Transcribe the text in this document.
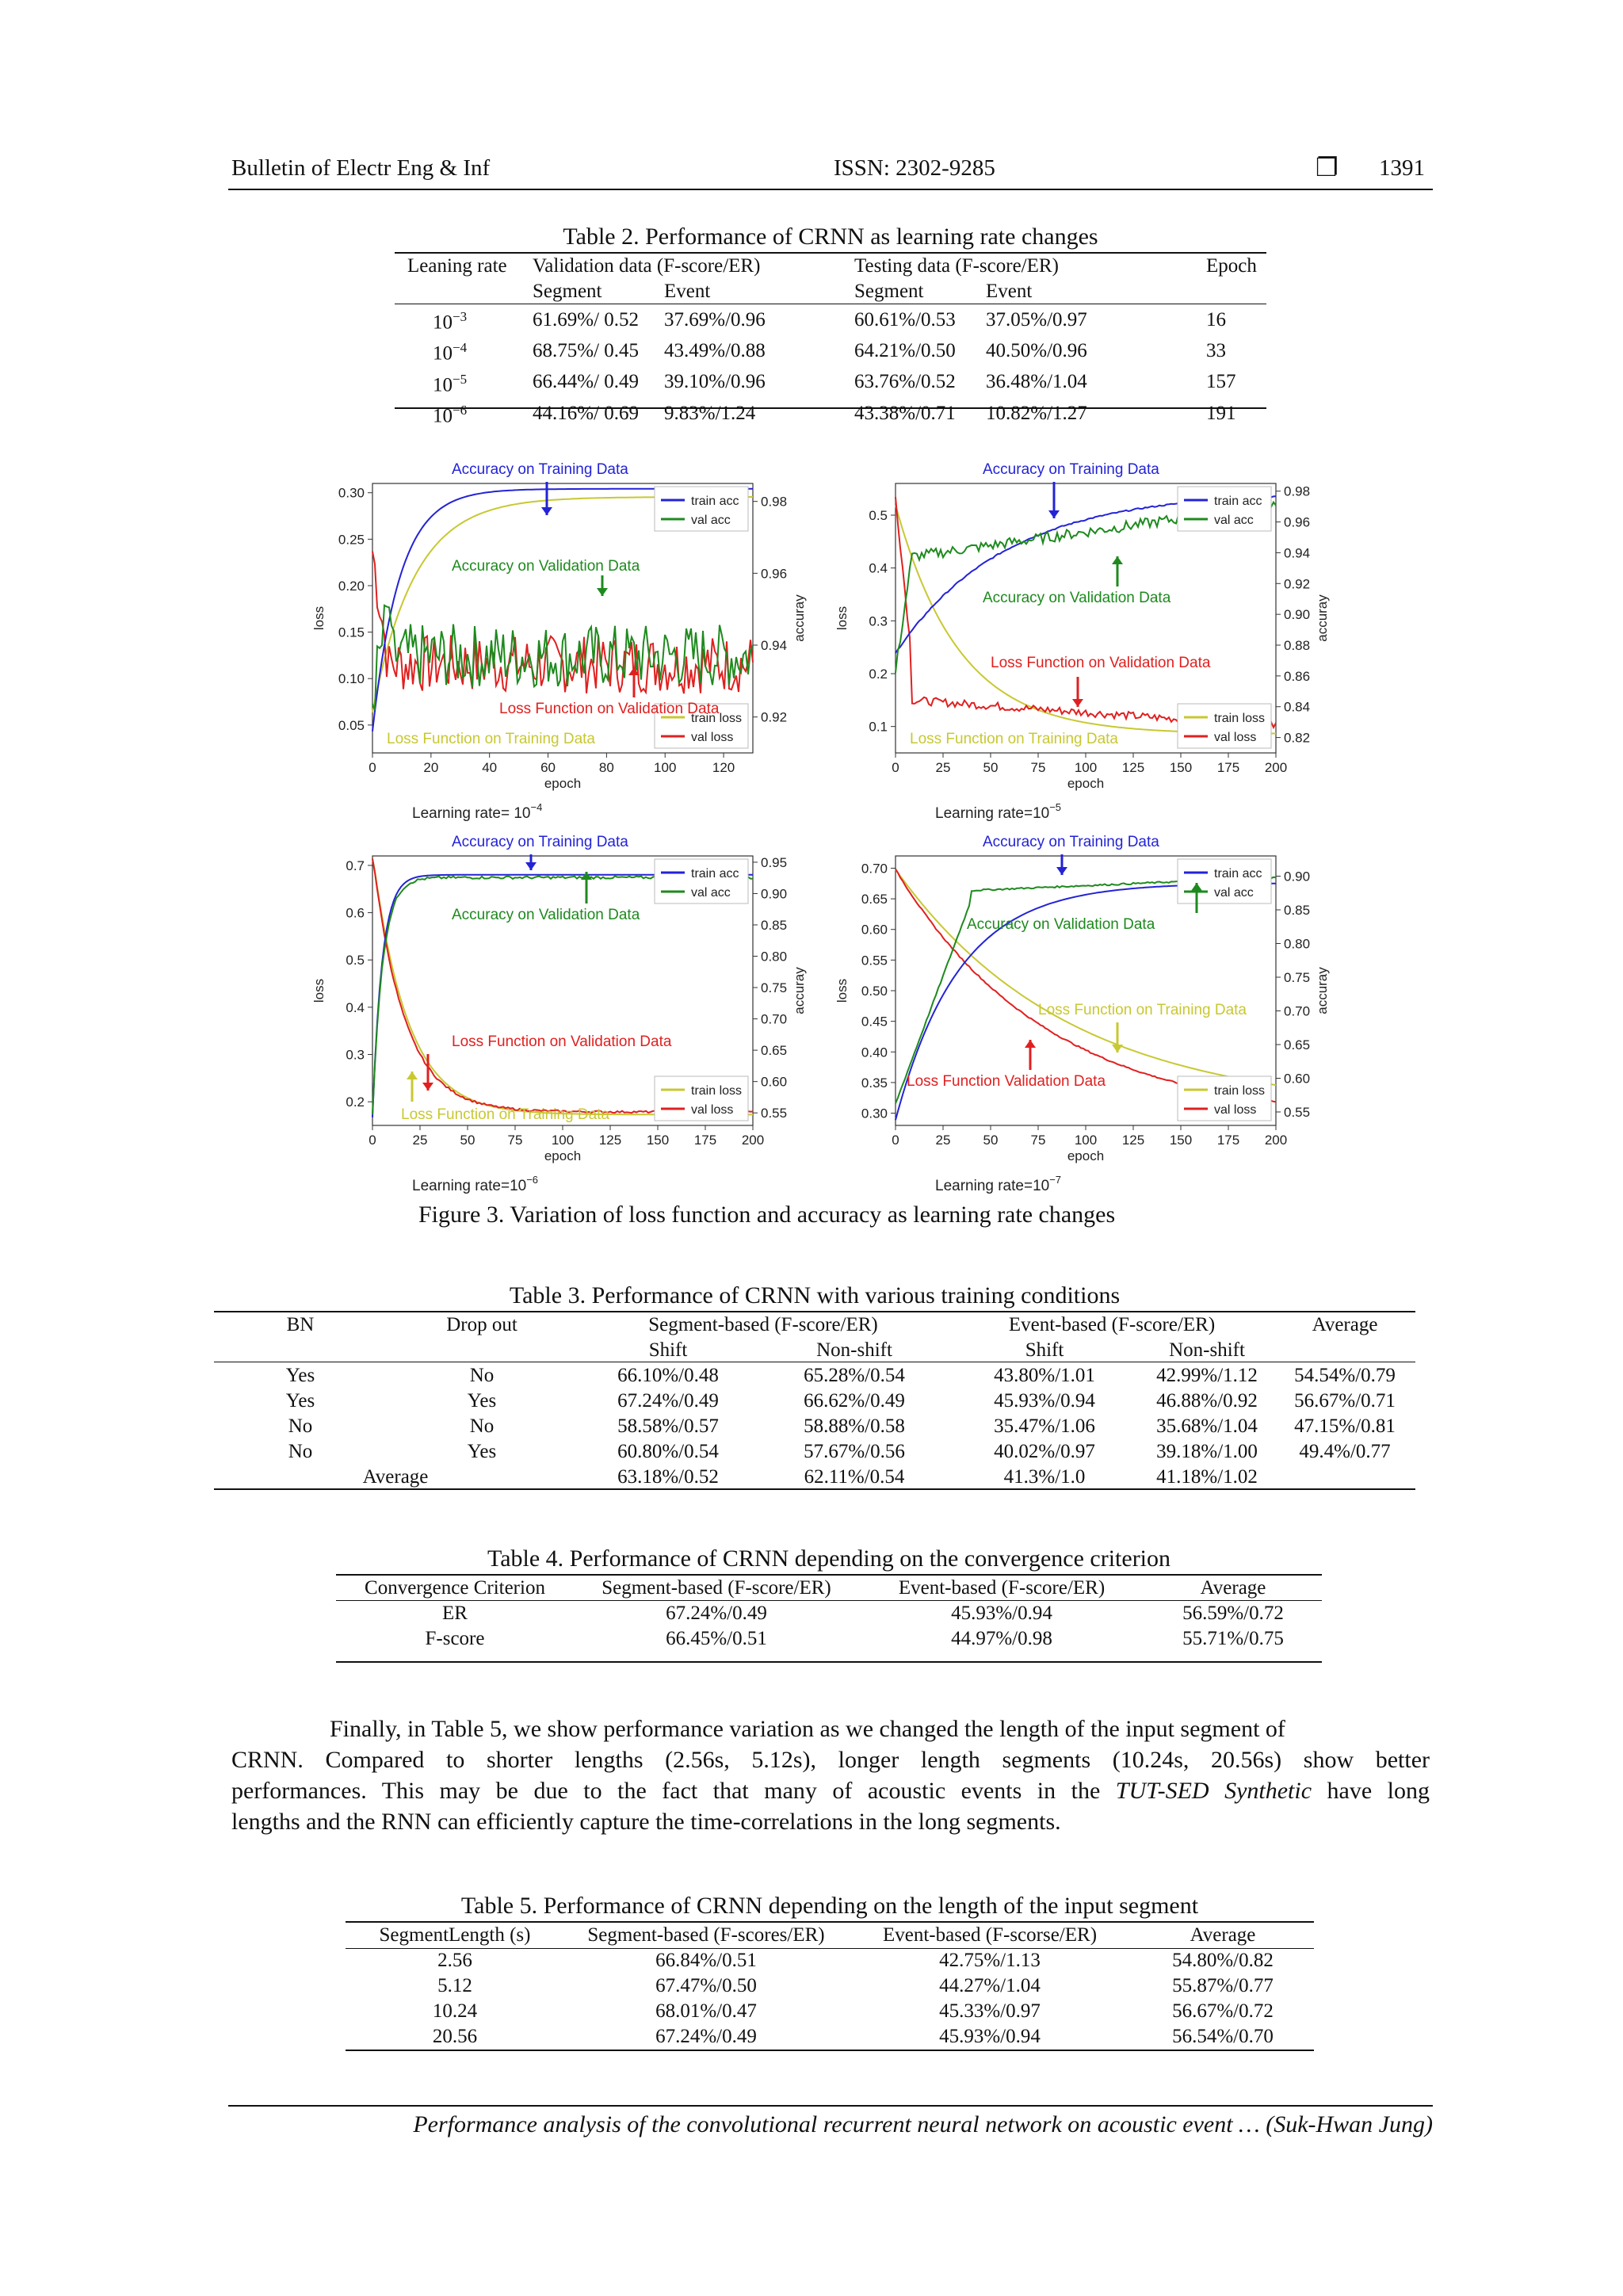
Bulletin of Electr Eng & Inf	ISSN: 2302-9285	❐ 1391
Table 2. Performance of CRNN as learning rate changes
Leaning rate	Validation data (F-score/ER)		Testing data (F-score/ER)		Epoch
	Segment	Event	Segment	Event	
$10^{-3}$	61.69%/ 0.52	37.69%/0.96	60.61%/0.53	37.05%/0.97	16
$10^{-4}$	68.75%/ 0.45	43.49%/0.88	64.21%/0.50	40.50%/0.96	33
$10^{-5}$	66.44%/ 0.49	39.10%/0.96	63.76%/0.52	36.48%/1.04	157
$10^{-6}$	44.16%/ 0.69	9.83%/1.24	43.38%/0.71	10.82%/1.27	191
0	20	40	60	80	100	120
0.30
0.25
0.20
0.15
0.10
0.05
0.98
0.96
0.94
0.92
loss	accuray
epoch
Learning rate= $10^{-4}$
train acc
val acc
train loss
val loss
Accuracy on Training Data
Accuracy on Validation Data
Loss Function on Validation Data
Loss Function on Training Data
0	25 50 75 100 125 150 175 200
0.5
0.4
0.3
0.2
0.1
0.98
0.96
0.94
0.92
0.90
0.88
0.86
0.84
0.82
loss	accuray
epoch
Learning $rate=10^{-5}$
train acc
val acc
train loss
val loss
Accuracy on Training Data
Accuracy on Validation Data
Loss Function on Validation Data
Loss Function on Training Data
0	25 50 75 100 125 150 175 200
0.7
0.6
0.5
0.4
0.3
0.2
0.95
0.90
0.85
0.80
0.75
0.70
0.65
0.60
0.55
loss	accuray
epoch
Learning $rate=10^{-6}$
train acc
val acc
train loss
val loss
Accuracy on Training Data
Accuracy on Validation Data
Loss Function on Validation Data
Loss Function on Training Data
0	25 50 75 100 125 150 175 200
0.70
0.65
0.60
0.55
0.50
0.45
0.40
0.35
0.30
0.90
0.85
0.80
0.75
0.70
0.65
0.60
0.55
loss	accuray
epoch
Learning $rate=10^{-7}$
train acc
val acc
train loss
val loss
Accuracy on Training Data
Accuracy on Validation Data
Loss Function on Training Data
Loss Function Validation Data
Figure 3. Variation of loss function and accuracy as learning rate changes
Table 3. Performance of CRNN with various training conditions
BN	Drop out	Segment-based (F-score/ER)		Event-based (F-score/ER)		Average
		Shift	Non-shift	Shift	Non-shift	
Yes	No	66.10%/0.48	65.28%/0.54	43.80%/1.01	42.99%/1.12	54.54%/0.79
Yes	Yes	67.24%/0.49	66.62%/0.49	45.93%/0.94	46.88%/0.92	56.67%/0.71
No	No	58.58%/0.57	58.88%/0.58	35.47%/1.06	35.68%/1.04	47.15%/0.81
No	Yes	60.80%/0.54	57.67%/0.56	40.02%/0.97	39.18%/1.00	49.4%/0.77
Average		63.18%/0.52	62.11%/0.54	41.3%/1.0	41.18%/1.02	
Table 4. Performance of CRNN depending on the convergence criterion
Convergence Criterion	Segment-based (F-score/ER)	Event-based (F-score/ER)	Average
ER	67.24%/0.49	45.93%/0.94	56.59%/0.72
F-score	66.45%/0.51	44.97%/0.98	55.71%/0.75
Finally, in Table 5, we show performance variation as we changed the length of the input segment of
CRNN. Compared to shorter lengths (2.56s, 5.12s), longer length segments (10.24s, 20.56s) show better
performances. This may be due to the fact that many of acoustic events in the TUT-SED Synthetic have long
lengths and the RNN can efficiently capture the time-correlations in the long segments.
Table 5. Performance of CRNN depending on the length of the input segment
SegmentLength (s)	Segment-based (F-scores/ER)	Event-based (F-scorse/ER)	Average
2.56	66.84%/0.51	42.75%/1.13	54.80%/0.82
5.12	67.47%/0.50	44.27%/1.04	55.87%/0.77
10.24	68.01%/0.47	45.33%/0.97	56.67%/0.72
20.56	67.24%/0.49	45.93%/0.94	56.54%/0.70
Performance analysis of the convolutional recurrent neural network on acoustic event … (Suk-Hwan Jung)
